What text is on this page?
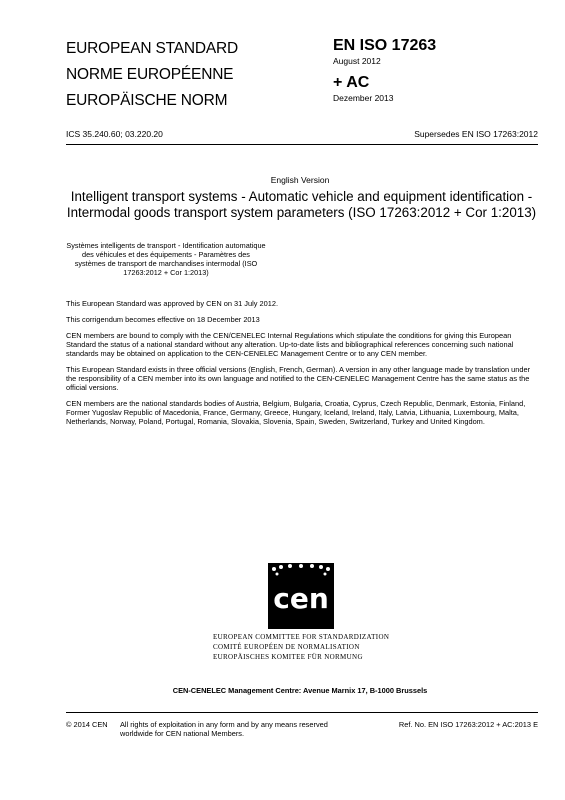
EUROPEAN STANDARD
NORME EUROPÉENNE
EUROPÄISCHE NORM
EN ISO 17263
August 2012
+ AC
Dezember 2013
ICS 35.240.60; 03.220.20	Supersedes EN ISO 17263:2012
English Version
Intelligent transport systems - Automatic vehicle and equipment identification - Intermodal goods transport system parameters (ISO 17263:2012 + Cor 1:2013)
Systèmes intelligents de transport - Identification automatique des véhicules et des équipements - Paramètres des systèmes de transport de marchandises intermodal (ISO 17263:2012 + Cor 1:2013)

This European Standard was approved by CEN on 31 July 2012.

This corrigendum becomes effective on 18 December 2013

CEN members are bound to comply with the CEN/CENELEC Internal Regulations which stipulate the conditions for giving this European Standard the status of a national standard without any alteration. Up-to-date lists and bibliographical references concerning such national standards may be obtained on application to the CEN-CENELEC Management Centre or to any CEN member.

This European Standard exists in three official versions (English, French, German). A version in any other language made by translation under the responsibility of a CEN member into its own language and notified to the CEN-CENELEC Management Centre has the same status as the official versions.

CEN members are the national standards bodies of Austria, Belgium, Bulgaria, Croatia, Cyprus, Czech Republic, Denmark, Estonia, Finland, Former Yugoslav Republic of Macedonia, France, Germany, Greece, Hungary, Iceland, Ireland, Italy, Latvia, Lithuania, Luxembourg, Malta, Netherlands, Norway, Poland, Portugal, Romania, Slovakia, Slovenia, Spain, Sweden, Switzerland, Turkey and United Kingdom.

cen
EUROPEAN COMMITTEE FOR STANDARDIZATION
COMITÉ EUROPÉEN DE NORMALISATION
EUROPÄISCHES KOMITEE FÜR NORMUNG
CEN-CENELEC Management Centre: Avenue Marnix 17, B-1000 Brussels
© 2014 CEN All rights of exploitation in any form and by any means reserved worldwide for CEN national Members.
Ref. No. EN ISO 17263:2012 + AC:2013 E
